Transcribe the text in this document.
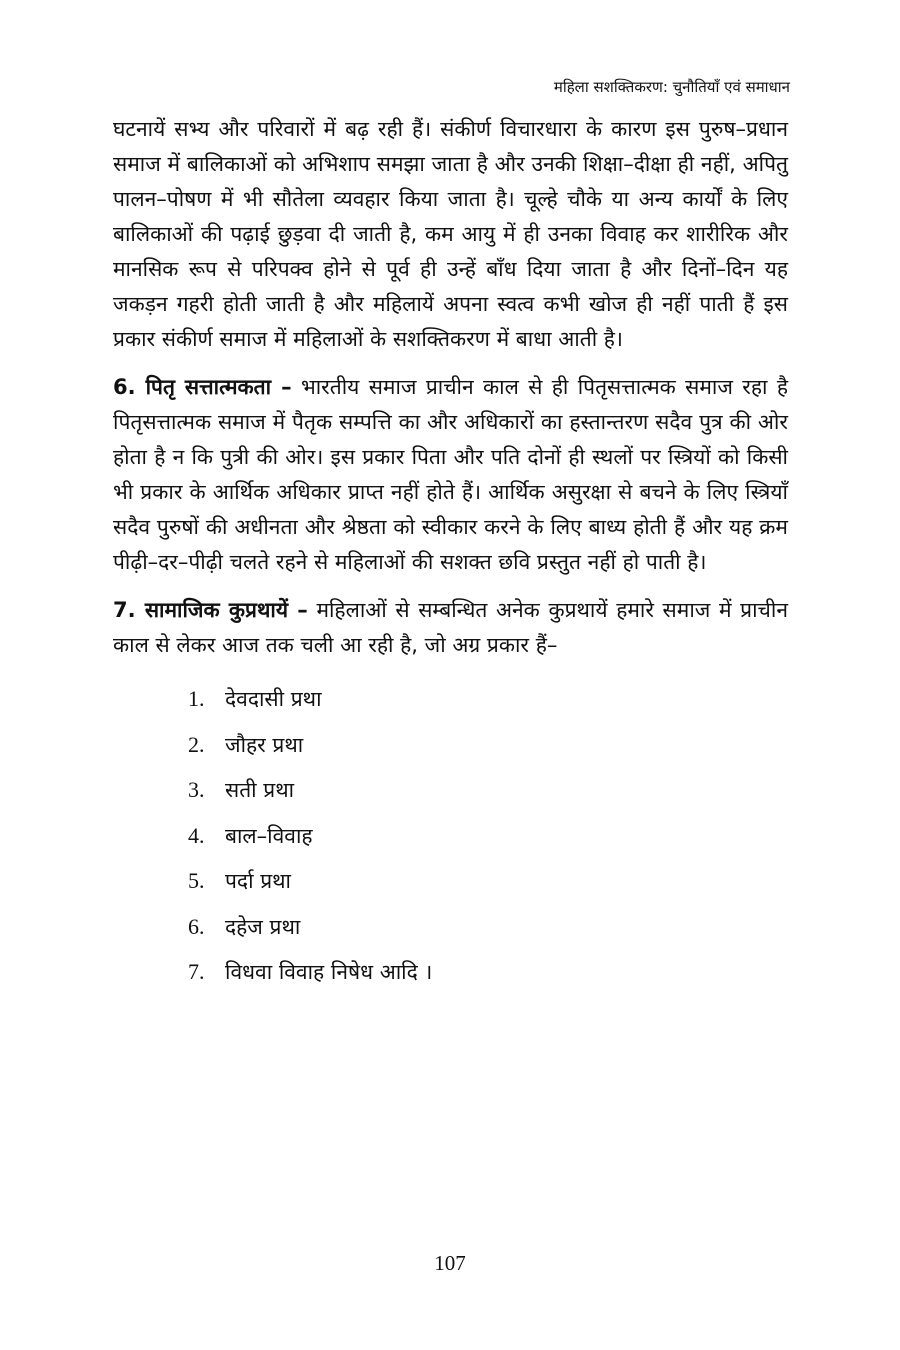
महिला सशक्तिकरण: चुनौतियाँ एवं समाधान

घटनायें सभ्य और परिवारों में बढ़ रही हैं। संकीर्ण विचारधारा के कारण इस पुरुष–प्रधान समाज में बालिकाओं को अभिशाप समझा जाता है और उनकी शिक्षा–दीक्षा ही नहीं, अपितु पालन–पोषण में भी सौतेला व्यवहार किया जाता है। चूल्हे चौके या अन्य कार्यों के लिए बालिकाओं की पढ़ाई छुड़वा दी जाती है, कम आयु में ही उनका विवाह कर शारीरिक और मानसिक रूप से परिपक्व होने से पूर्व ही उन्हें बाँध दिया जाता है और दिनों–दिन यह जकड़न गहरी होती जाती है और महिलायें अपना स्वत्व कभी खोज ही नहीं पाती हैं इस प्रकार संकीर्ण समाज में महिलाओं के सशक्तिकरण में बाधा आती है।

6. पितृ सत्तात्मकता – भारतीय समाज प्राचीन काल से ही पितृसत्तात्मक समाज रहा है पितृसत्तात्मक समाज में पैतृक सम्पत्ति का और अधिकारों का हस्तान्तरण सदैव पुत्र की ओर होता है न कि पुत्री की ओर। इस प्रकार पिता और पति दोनों ही स्थलों पर स्त्रियों को किसी भी प्रकार के आर्थिक अधिकार प्राप्त नहीं होते हैं। आर्थिक असुरक्षा से बचने के लिए स्त्रियाँ सदैव पुरुषों की अधीनता और श्रेष्ठता को स्वीकार करने के लिए बाध्य होती हैं और यह क्रम पीढ़ी–दर–पीढ़ी चलते रहने से महिलाओं की सशक्त छवि प्रस्तुत नहीं हो पाती है।

7. सामाजिक कुप्रथायें – महिलाओं से सम्बन्धित अनेक कुप्रथायें हमारे समाज में प्राचीन काल से लेकर आज तक चली आ रही है, जो अग्र प्रकार हैं–

1. देवदासी प्रथा
2. जौहर प्रथा
3. सती प्रथा
4. बाल–विवाह
5. पर्दा प्रथा
6. दहेज प्रथा
7. विधवा विवाह निषेध आदि ।
107
